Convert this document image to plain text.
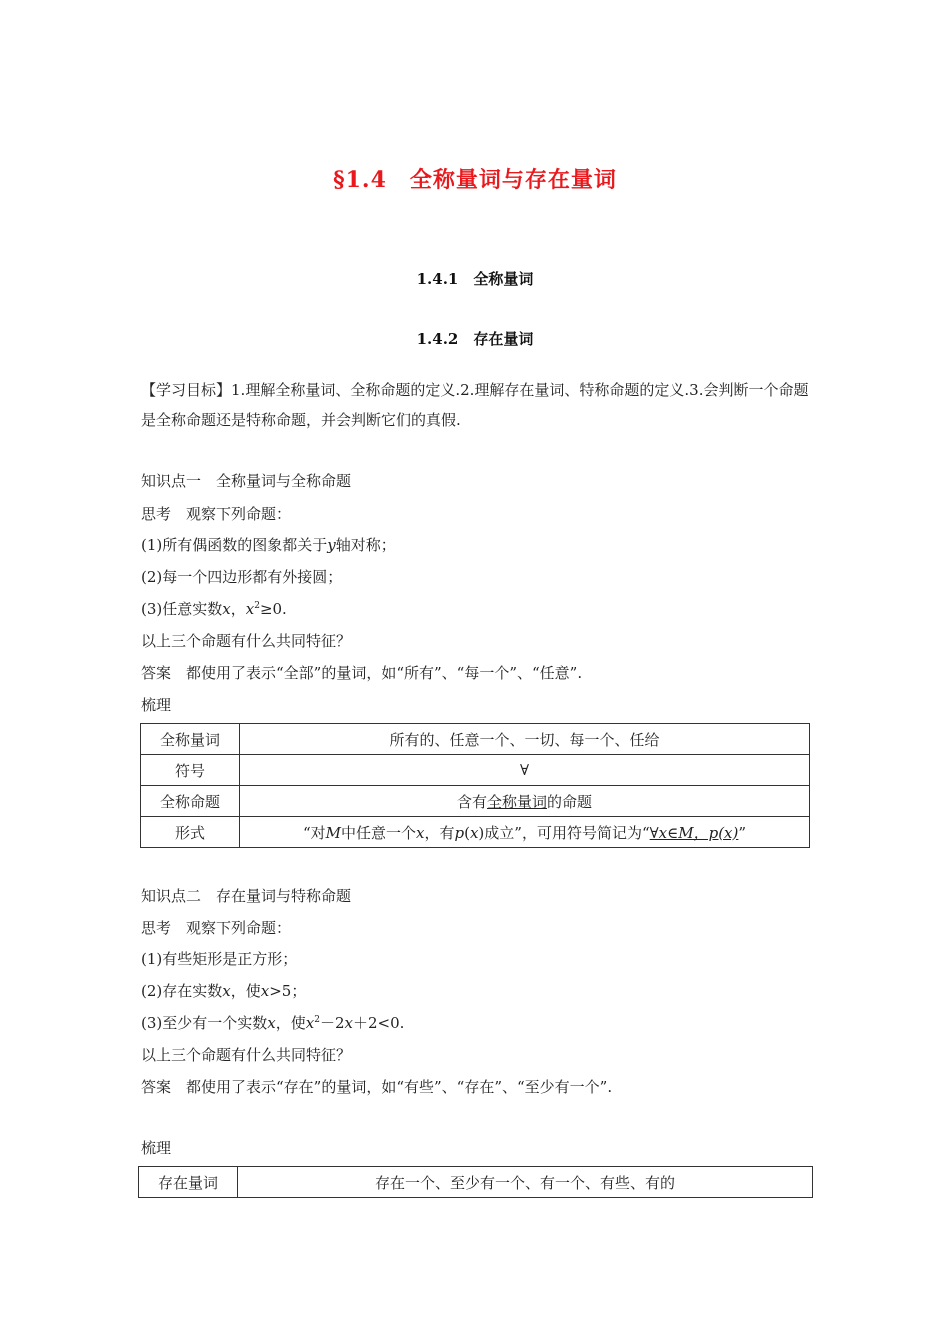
§1.4　全称量词与存在量词
1.4.1　全称量词
1.4.2　存在量词
【学习目标】1.理解全称量词、全称命题的定义.2.理解存在量词、特称命题的定义.3.会判断一个命题是全称命题还是特称命题，并会判断它们的真假.
知识点一　全称量词与全称命题
思考　观察下列命题：
(1)所有偶函数的图象都关于y轴对称；
(2)每一个四边形都有外接圆；
(3)任意实数x，$x^2\ge 0$.
以上三个命题有什么共同特征？
答案　都使用了表示“全部”的量词，如“所有”、“每一个”、“任意”.
梳理
全称量词	所有的、任意一个、一切、每一个、任给
符号	∀
全称命题	含有全称量词的命题
形式	“对M中任意一个x，有p(x)成立”，可用符号简记为“∀x∈M，p(x)”
知识点二　存在量词与特称命题
思考　观察下列命题：
(1)有些矩形是正方形；
(2)存在实数x，使x>5；
(3)至少有一个实数x，使$x^2-2x+2<0$.
以上三个命题有什么共同特征？
答案　都使用了表示“存在”的量词，如“有些”、“存在”、“至少有一个”.
梳理
存在量词	存在一个、至少有一个、有一个、有些、有的
